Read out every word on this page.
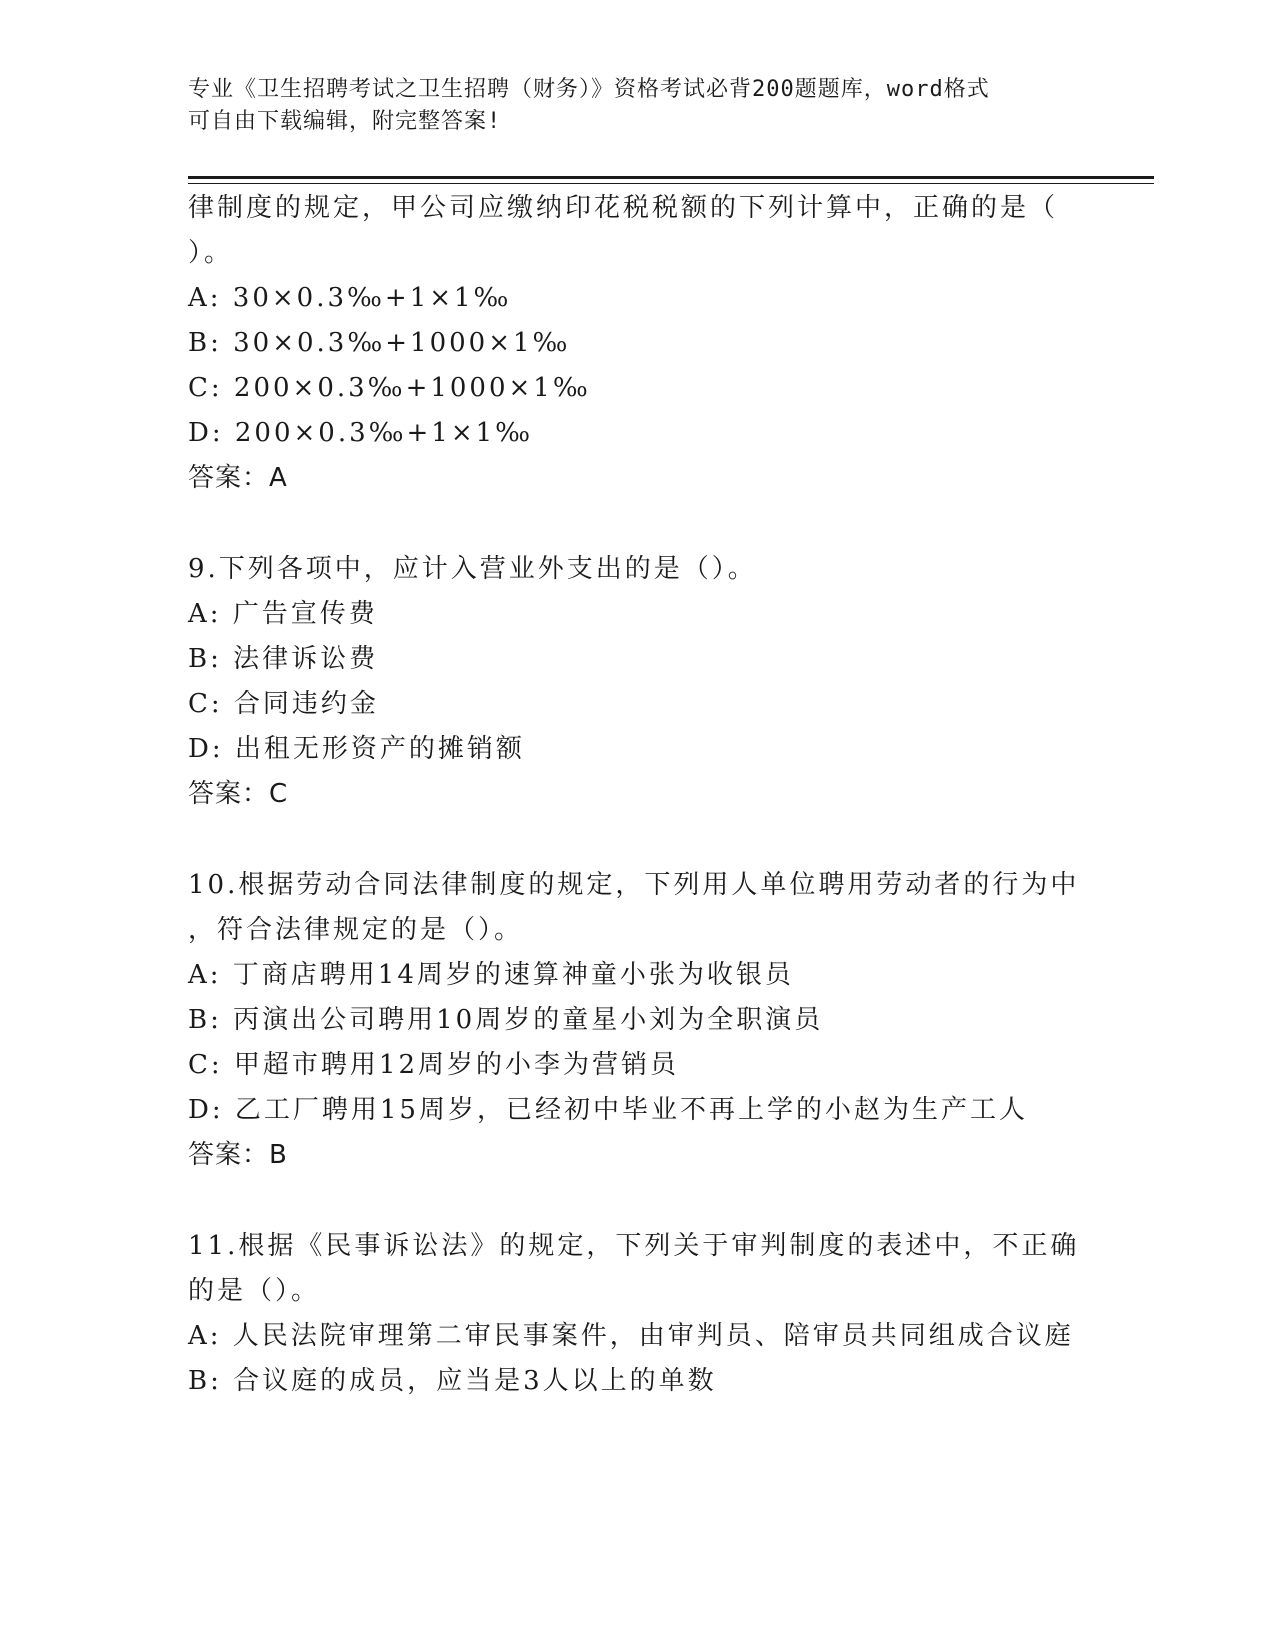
专业《卫生招聘考试之卫生招聘（财务）》资格考试必背200题题库，word格式
可自由下载编辑，附完整答案!
律制度的规定，甲公司应缴纳印花税税额的下列计算中，正确的是（
）。
A: 30×0.3‰+1×1‰
B: 30×0.3‰+1000×1‰
C: 200×0.3‰+1000×1‰
D: 200×0.3‰+1×1‰
答案：A
9.下列各项中，应计入营业外支出的是（）。
A: 广告宣传费
B: 法律诉讼费
C: 合同违约金
D: 出租无形资产的摊销额
答案：C
10.根据劳动合同法律制度的规定，下列用人单位聘用劳动者的行为中
，符合法律规定的是（）。
A: 丁商店聘用14周岁的速算神童小张为收银员
B: 丙演出公司聘用10周岁的童星小刘为全职演员
C: 甲超市聘用12周岁的小李为营销员
D: 乙工厂聘用15周岁，已经初中毕业不再上学的小赵为生产工人
答案：B
11.根据《民事诉讼法》的规定，下列关于审判制度的表述中，不正确
的是（）。
A: 人民法院审理第二审民事案件，由审判员、陪审员共同组成合议庭
B: 合议庭的成员，应当是3人以上的单数
